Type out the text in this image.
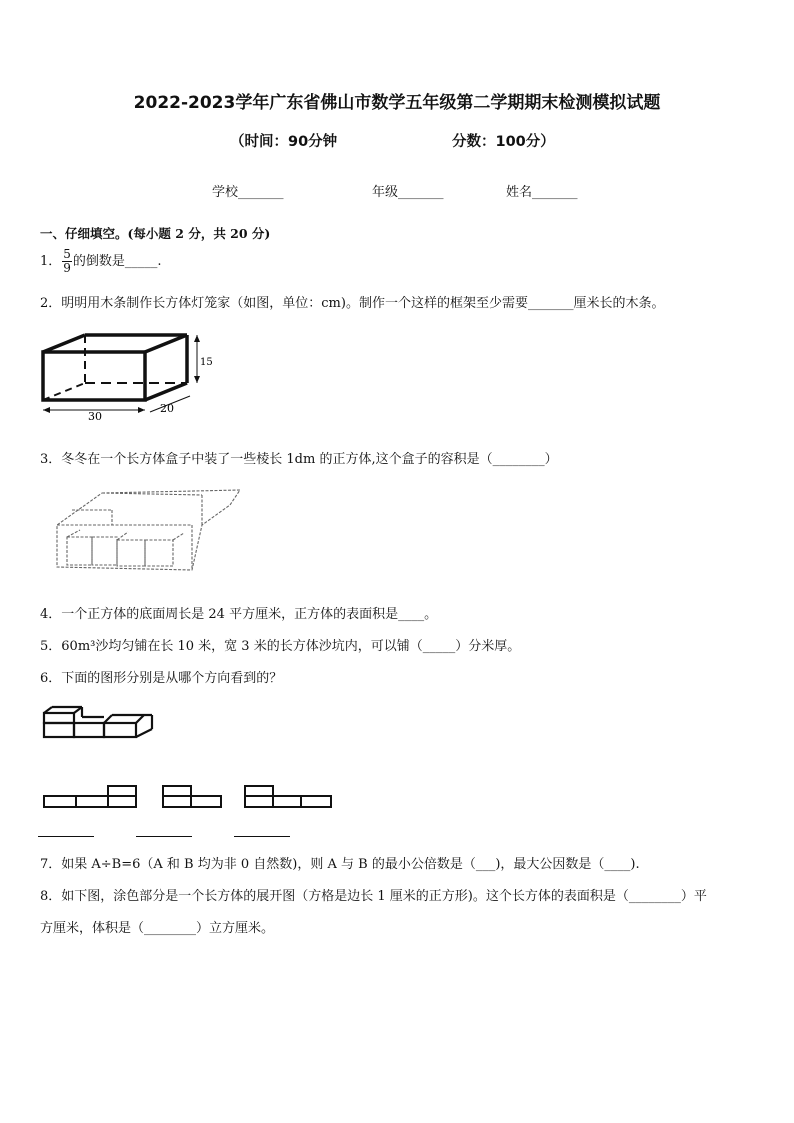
2022-2023学年广东省佛山市数学五年级第二学期期末检测模拟试题
（时间：90分钟	分数：100分）
学校_______	年级_______	姓名_______
一、仔细填空。(每小题 2 分，共 20 分)
1． $\frac{5}{9}$ 的倒数是_____.
2．明明用木条制作长方体灯笼家（如图，单位：cm)。制作一个这样的框架至少需要_______厘米长的木条。
30
20
15
3．冬冬在一个长方体盒子中装了一些棱长 1dm 的正方体,这个盒子的容积是（________）
4．一个正方体的底面周长是 24 平方厘米，正方体的表面积是____。
5．60m³沙均匀铺在长 10 米，宽 3 米的长方体沙坑内，可以铺（_____）分米厚。
6．下面的图形分别是从哪个方向看到的？
7．如果 A÷B=6（A 和 B 均为非 0 自然数)，则 A 与 B 的最小公倍数是（___)，最大公因数是（____).
8．如下图，涂色部分是一个长方体的展开图（方格是边长 1 厘米的正方形)。这个长方体的表面积是（________）平
方厘米，体积是（________）立方厘米。
